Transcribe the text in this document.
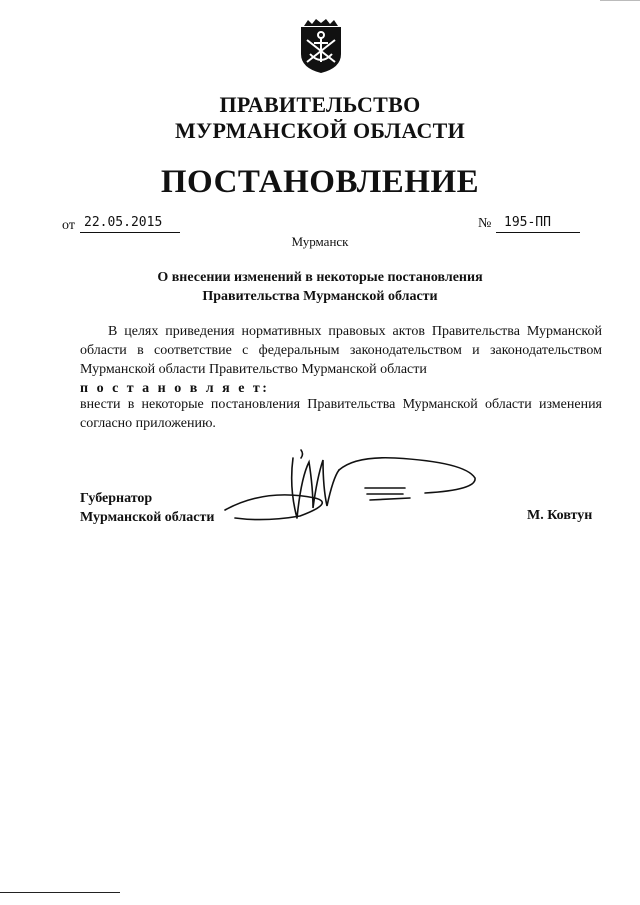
ПРАВИТЕЛЬСТВО
МУРМАНСКОЙ ОБЛАСТИ
ПОСТАНОВЛЕНИЕ
от 22.05.2015	№ 195-ПП
Мурманск
О внесении изменений в некоторые постановления
Правительства Мурманской области
В целях приведения нормативных правовых актов Правительства Мурманской области в соответствие с федеральным законодательством и законодательством Мурманской области Правительство Мурманской области
п о с т а н о в л я е т:
внести в некоторые постановления Правительства Мурманской области изменения согласно приложению.
Губернатор
Мурманской области	М. Ковтун
